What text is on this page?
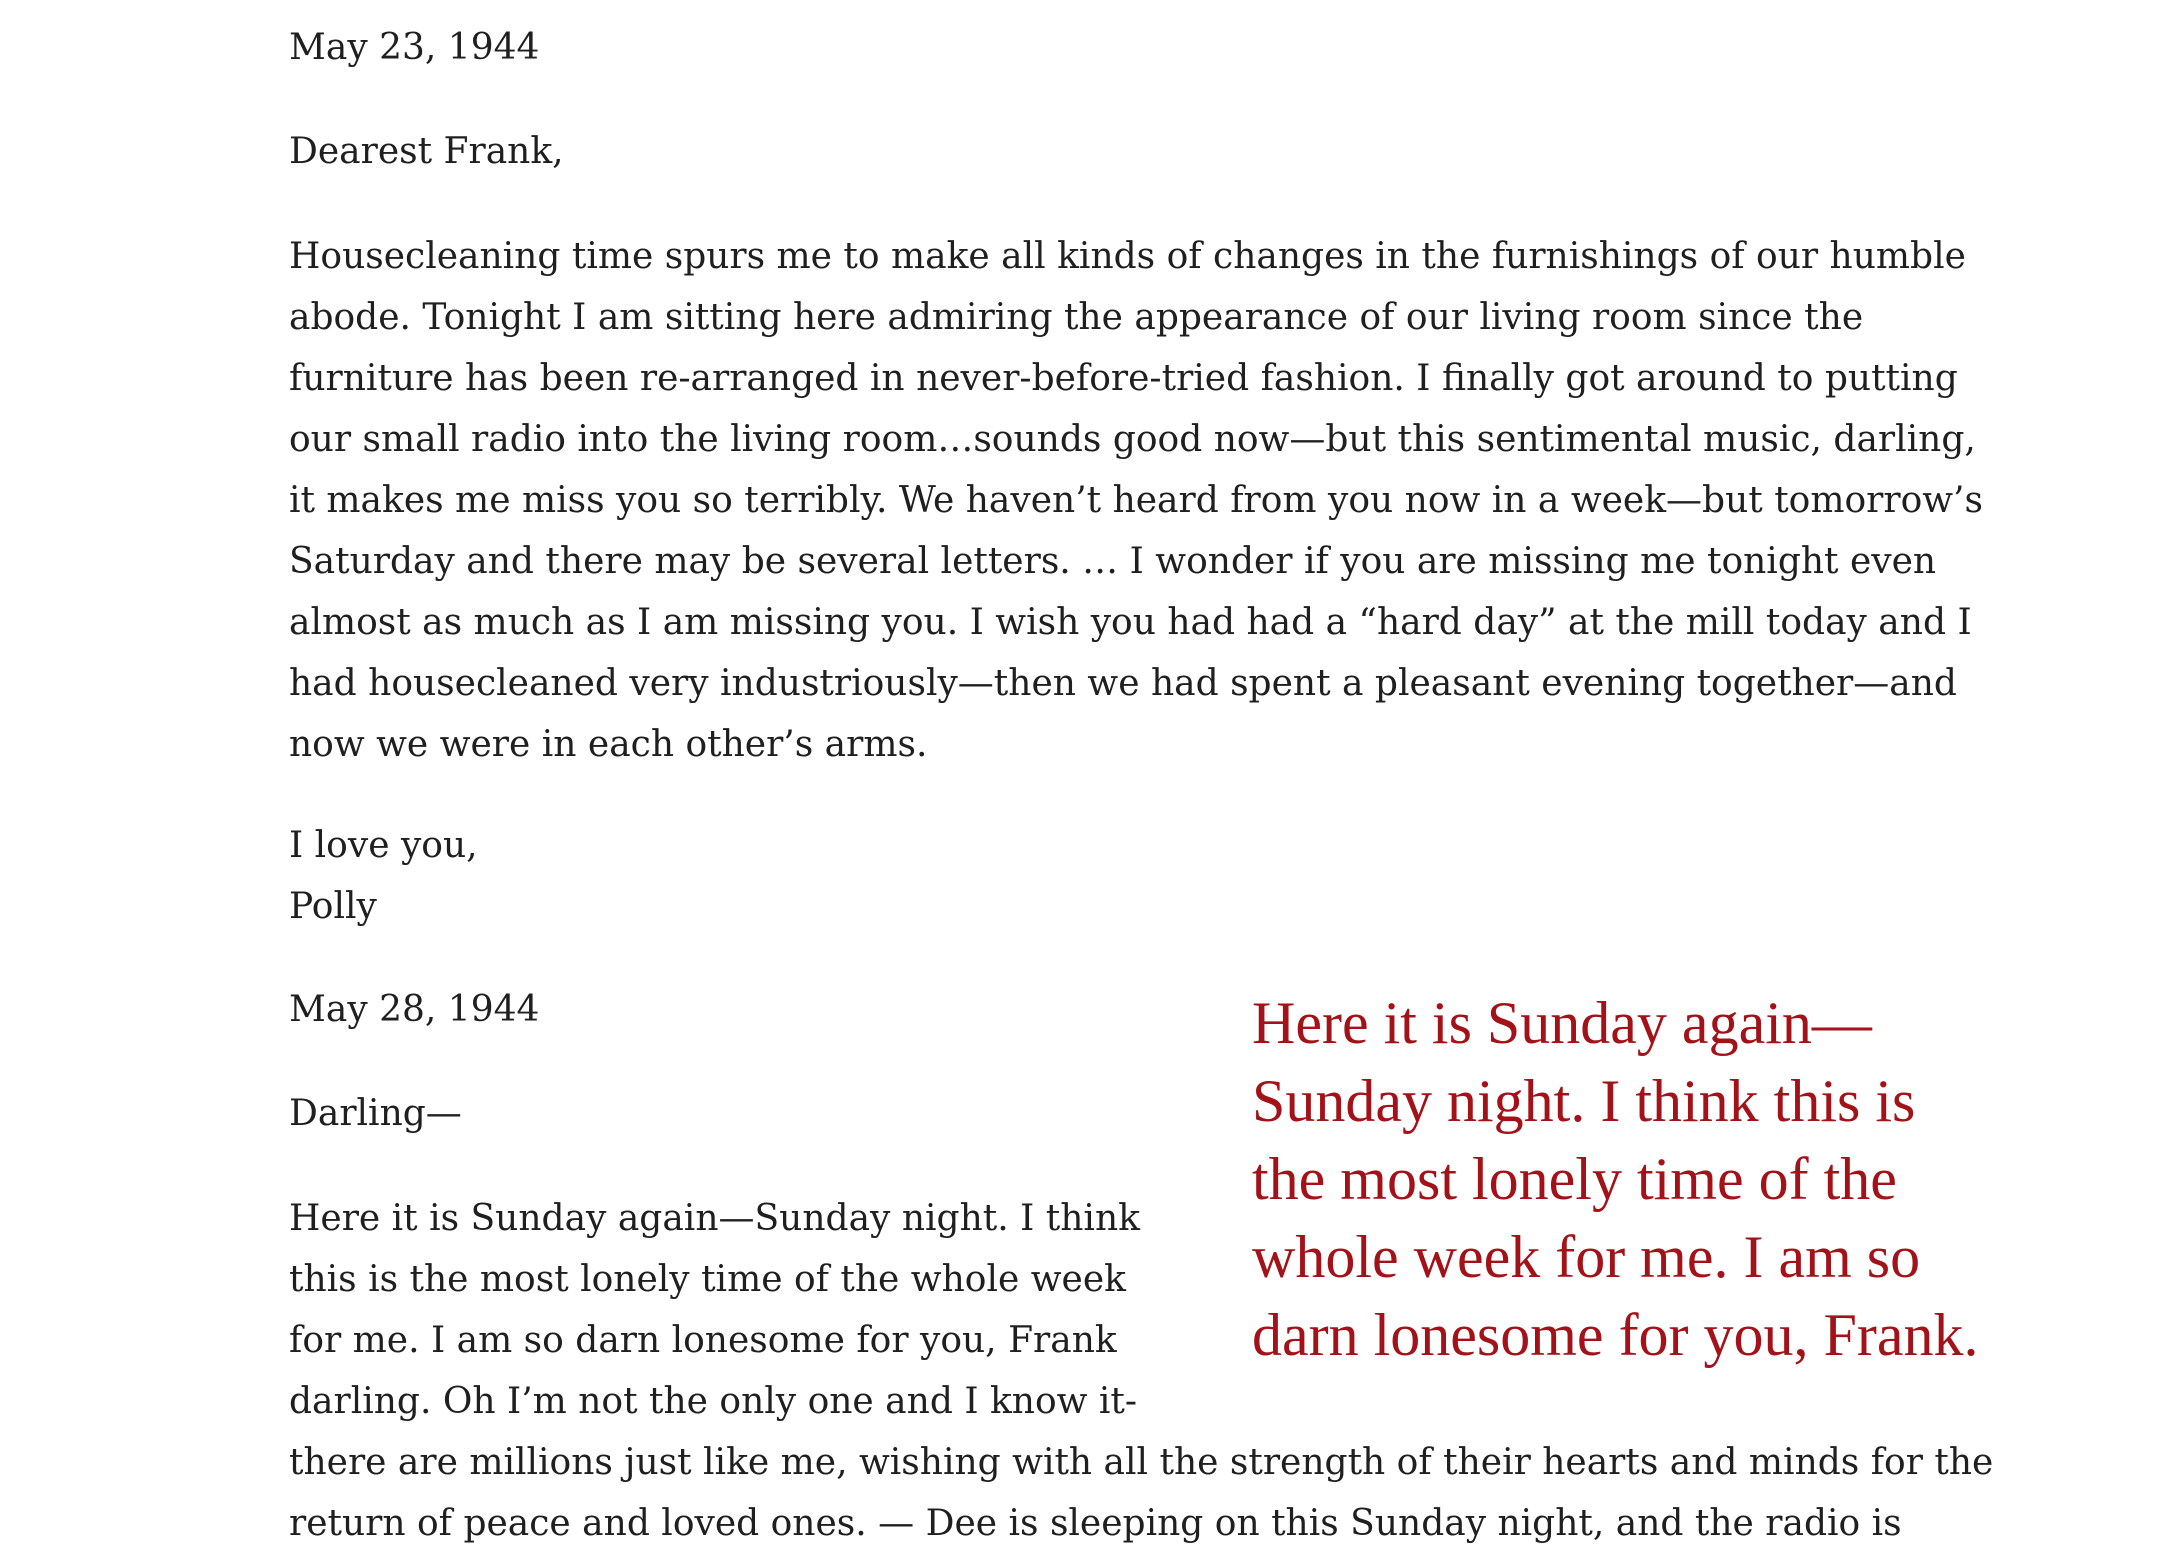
May 23, 1944
Dearest Frank,
Housecleaning time spurs me to make all kinds of changes in the furnishings of our humble
abode. Tonight I am sitting here admiring the appearance of our living room since the
furniture has been re-arranged in never-before-tried fashion. I finally got around to putting
our small radio into the living room…sounds good now—but this sentimental music, darling,
it makes me miss you so terribly. We haven’t heard from you now in a week—but tomorrow’s
Saturday and there may be several letters. … I wonder if you are missing me tonight even
almost as much as I am missing you. I wish you had had a “hard day” at the mill today and I
had housecleaned very industriously—then we had spent a pleasant evening together—and
now we were in each other’s arms.
I love you,
Polly
May 28, 1944
Darling—
Here it is Sunday again—Sunday night. I think
this is the most lonely time of the whole week
for me. I am so darn lonesome for you, Frank
darling. Oh I’m not the only one and I know it-
there are millions just like me, wishing with all the strength of their hearts and minds for the
return of peace and loved ones. — Dee is sleeping on this Sunday night, and the radio is
Here it is Sunday again—
Sunday night. I think this is
the most lonely time of the
whole week for me. I am so
darn lonesome for you, Frank.
